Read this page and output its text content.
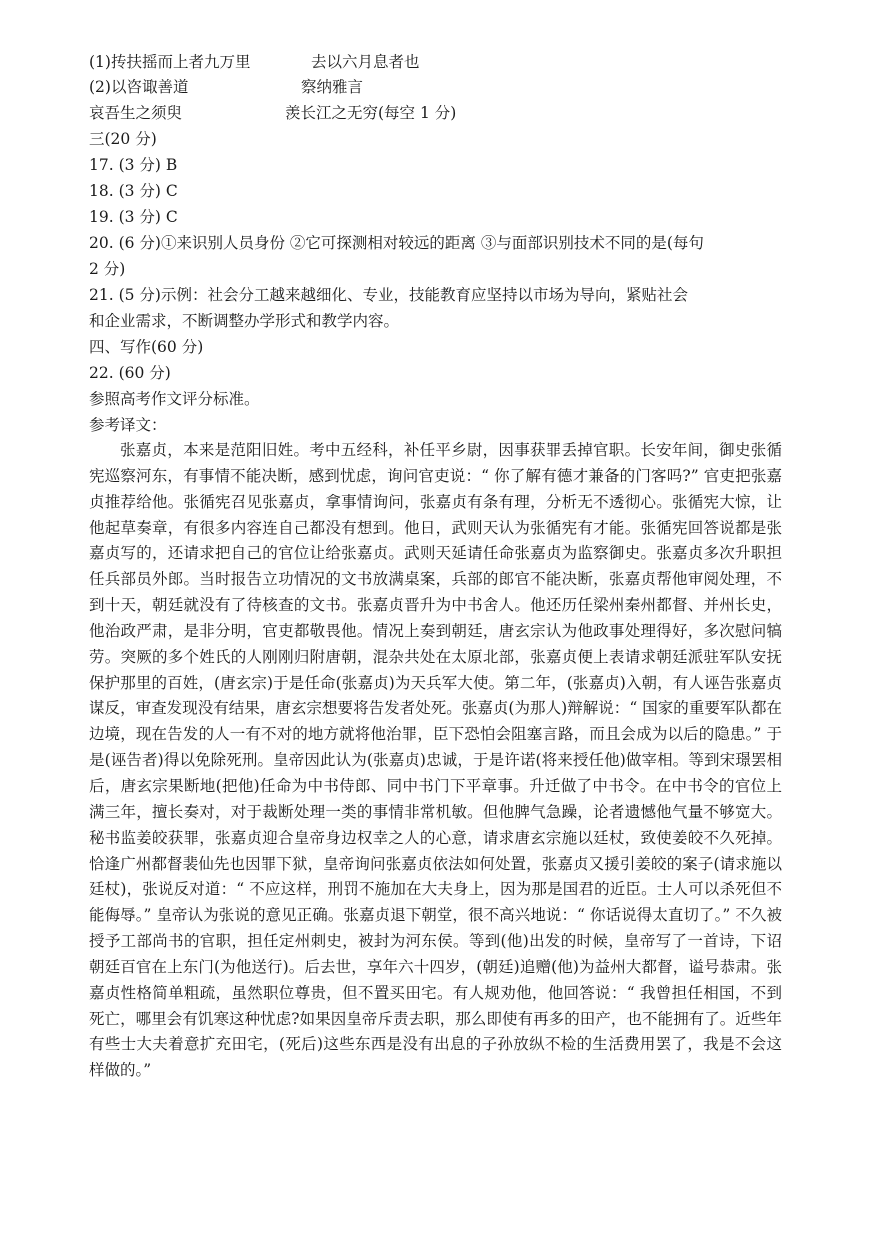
(1)抟扶摇而上者九万里	去以六月息者也

(2)以咨诹善道	察纳雅言

哀吾生之须臾	羡长江之无穷(每空 1 分)

三(20 分)

17. (3 分) B

18. (3 分) C

19. (3 分) C

20. (6 分)①来识别人员身份 ②它可探测相对较远的距离 ③与面部识别技术不同的是(每句

2 分)

21. (5 分)示例：社会分工越来越细化、专业，技能教育应坚持以市场为导向，紧贴社会

和企业需求，不断调整办学形式和教学内容。

四、写作(60 分)

22. (60 分)

参照高考作文评分标准。

参考译文：

张嘉贞，本来是范阳旧姓。考中五经科，补任平乡尉，因事获罪丢掉官职。长安年间，御史张循宪巡察河东，有事情不能决断，感到忧虑，询问官吏说：“ 你了解有德才兼备的门客吗?” 官吏把张嘉贞推荐给他。张循宪召见张嘉贞，拿事情询问，张嘉贞有条有理，分析无不透彻心。张循宪大惊，让他起草奏章，有很多内容连自己都没有想到。他日，武则天认为张循宪有才能。张循宪回答说都是张嘉贞写的，还请求把自己的官位让给张嘉贞。武则天延请任命张嘉贞为监察御史。张嘉贞多次升职担任兵部员外郎。当时报告立功情况的文书放满桌案，兵部的郎官不能决断，张嘉贞帮他审阅处理，不到十天，朝廷就没有了待核查的文书。张嘉贞晋升为中书舍人。他还历任梁州秦州都督、并州长史，他治政严肃，是非分明，官吏都敬畏他。情况上奏到朝廷，唐玄宗认为他政事处理得好，多次慰问犒劳。突厥的多个姓氏的人刚刚归附唐朝，混杂共处在太原北部，张嘉贞便上表请求朝廷派驻军队安抚保护那里的百姓，(唐玄宗)于是任命(张嘉贞)为天兵军大使。第二年，(张嘉贞)入朝，有人诬告张嘉贞谋反，审查发现没有结果，唐玄宗想要将告发者处死。张嘉贞(为那人)辩解说：“ 国家的重要军队都在边境，现在告发的人一有不对的地方就将他治罪，臣下恐怕会阻塞言路，而且会成为以后的隐患。” 于是(诬告者)得以免除死刑。皇帝因此认为(张嘉贞)忠诚，于是许诺(将来授任他)做宰相。等到宋璟罢相后，唐玄宗果断地(把他)任命为中书侍郎、同中书门下平章事。升迁做了中书令。在中书令的官位上满三年，擅长奏对，对于裁断处理一类的事情非常机敏。但他脾气急躁，论者遗憾他气量不够宽大。秘书监姜皎获罪，张嘉贞迎合皇帝身边权幸之人的心意，请求唐玄宗施以廷杖，致使姜皎不久死掉。恰逢广州都督裴仙先也因罪下狱，皇帝询问张嘉贞依法如何处置，张嘉贞又援引姜皎的案子(请求施以廷杖)，张说反对道：“ 不应这样，刑罚不施加在大夫身上，因为那是国君的近臣。士人可以杀死但不能侮辱。” 皇帝认为张说的意见正确。张嘉贞退下朝堂，很不高兴地说：“ 你话说得太直切了。” 不久被授予工部尚书的官职，担任定州刺史，被封为河东侯。等到(他)出发的时候，皇帝写了一首诗，下诏朝廷百官在上东门(为他送行)。后去世，享年六十四岁，(朝廷)追赠(他)为益州大都督，谥号恭肃。张嘉贞性格简单粗疏，虽然职位尊贵，但不置买田宅。有人规劝他，他回答说：“ 我曾担任相国，不到死亡，哪里会有饥寒这种忧虑?如果因皇帝斥责去职，那么即使有再多的田产，也不能拥有了。近些年有些士大夫着意扩充田宅，(死后)这些东西是没有出息的子孙放纵不检的生活费用罢了，我是不会这样做的。”
